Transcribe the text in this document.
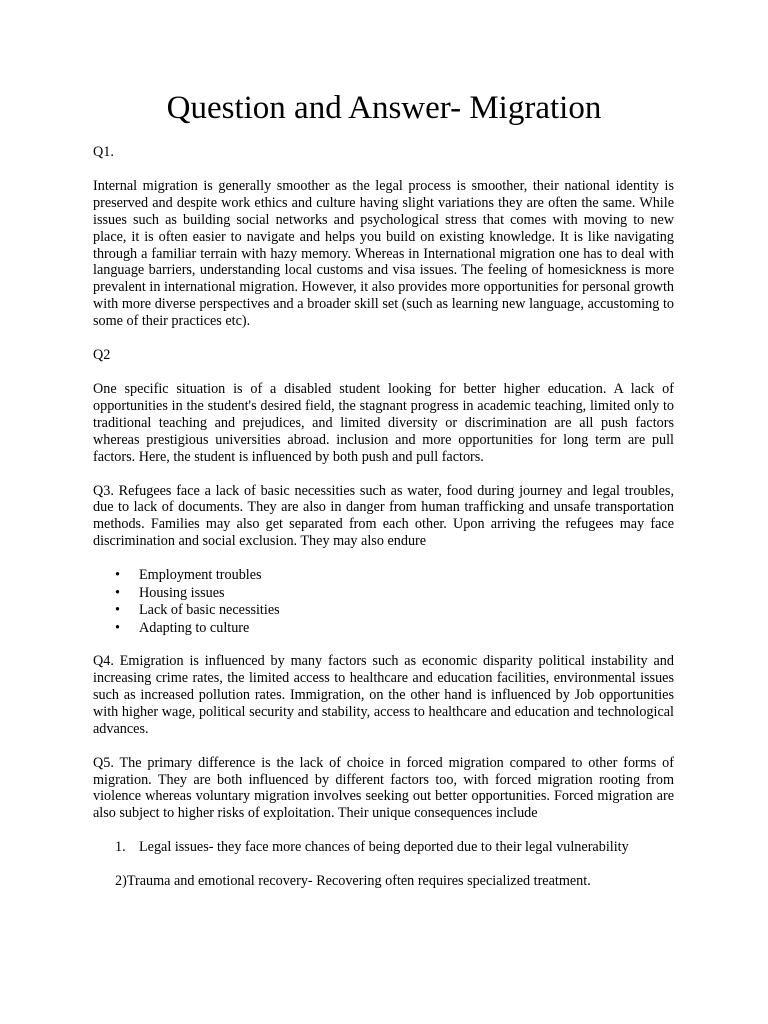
Question and Answer- Migration

Q1.

Internal migration is generally smoother as the legal process is smoother, their national identity is preserved and despite work ethics and culture having slight variations they are often the same. While issues such as building social networks and psychological stress that comes with moving to new place, it is often easier to navigate and helps you build on existing knowledge. It is like navigating through a familiar terrain with hazy memory. Whereas in International migration one has to deal with language barriers, understanding local customs and visa issues. The feeling of homesickness is more prevalent in international migration. However, it also provides more opportunities for personal growth with more diverse perspectives and a broader skill set (such as learning new language, accustoming to some of their practices etc).

Q2

One specific situation is of a disabled student looking for better higher education. A lack of opportunities in the student's desired field, the stagnant progress in academic teaching, limited only to traditional teaching and prejudices, and limited diversity or discrimination are all push factors whereas prestigious universities abroad. inclusion and more opportunities for long term are pull factors. Here, the student is influenced by both push and pull factors.

Q3. Refugees face a lack of basic necessities such as water, food during journey and legal troubles, due to lack of documents. They are also in danger from human trafficking and unsafe transportation methods. Families may also get separated from each other. Upon arriving the refugees may face discrimination and social exclusion. They may also endure

• Employment troubles
• Housing issues
• Lack of basic necessities
• Adapting to culture

Q4. Emigration is influenced by many factors such as economic disparity political instability and increasing crime rates, the limited access to healthcare and education facilities, environmental issues such as increased pollution rates. Immigration, on the other hand is influenced by Job opportunities with higher wage, political security and stability, access to healthcare and education and technological advances.

Q5. The primary difference is the lack of choice in forced migration compared to other forms of migration. They are both influenced by different factors too, with forced migration rooting from violence whereas voluntary migration involves seeking out better opportunities. Forced migration are also subject to higher risks of exploitation. Their unique consequences include

1. Legal issues- they face more chances of being deported due to their legal vulnerability

2)Trauma and emotional recovery- Recovering often requires specialized treatment.
